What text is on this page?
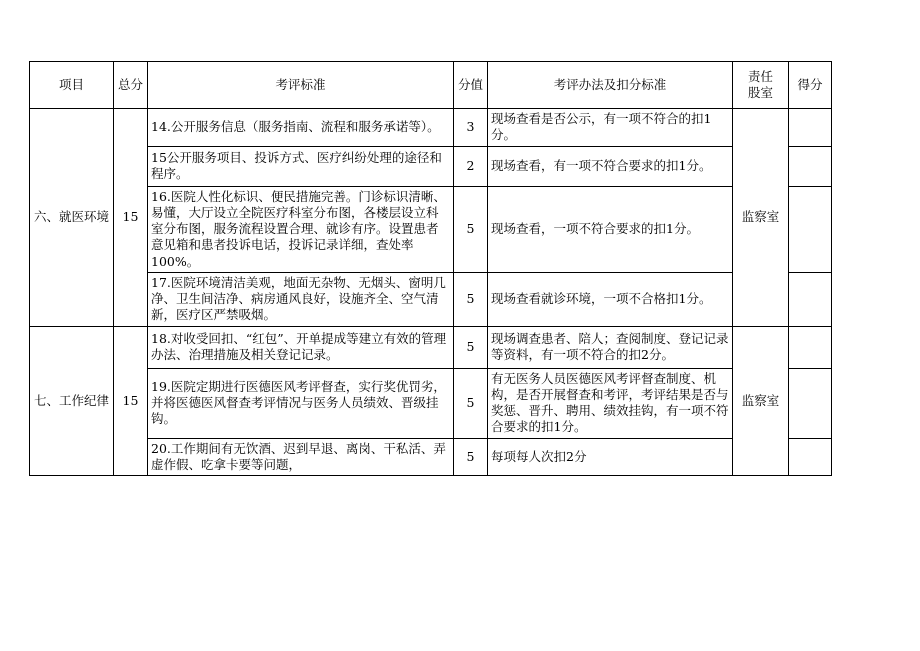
项目	总分	考评标准	分值	考评办法及扣分标准	责任
股室	得分
六、就医环境	15	14.公开服务信息（服务指南、流程和服务承诺等）。	3	现场查看是否公示，有一项不符合的扣1分。	监察室	
		15公开服务项目、投诉方式、医疗纠纷处理的途径和程序。	2	现场查看，有一项不符合要求的扣1分。		
		16.医院人性化标识、便民措施完善。门诊标识清晰、易懂，大厅设立全院医疗科室分布图，各楼层设立科室分布图，服务流程设置合理、就诊有序。设置患者意见箱和患者投诉电话，投诉记录详细，查处率100%。	5	现场查看，一项不符合要求的扣1分。		
		17.医院环境清洁美观，地面无杂物、无烟头、窗明几净、卫生间洁净、病房通风良好，设施齐全、空气清新，医疗区严禁吸烟。	5	现场查看就诊环境，一项不合格扣1分。		
七、工作纪律	15	18.对收受回扣、“红包”、开单提成等建立有效的管理办法、治理措施及相关登记记录。	5	现场调查患者、陪人；查阅制度、登记记录等资料，有一项不符合的扣2分。	监察室	
		19.医院定期进行医德医风考评督查，实行奖优罚劣，并将医德医风督查考评情况与医务人员绩效、晋级挂钩。	5	有无医务人员医德医风考评督查制度、机构，是否开展督查和考评，考评结果是否与奖惩、晋升、聘用、绩效挂钩，有一项不符合要求的扣1分。		
		20.工作期间有无饮酒、迟到早退、离岗、干私活、弄虚作假、吃拿卡要等问题，	5	每项每人次扣2分		
